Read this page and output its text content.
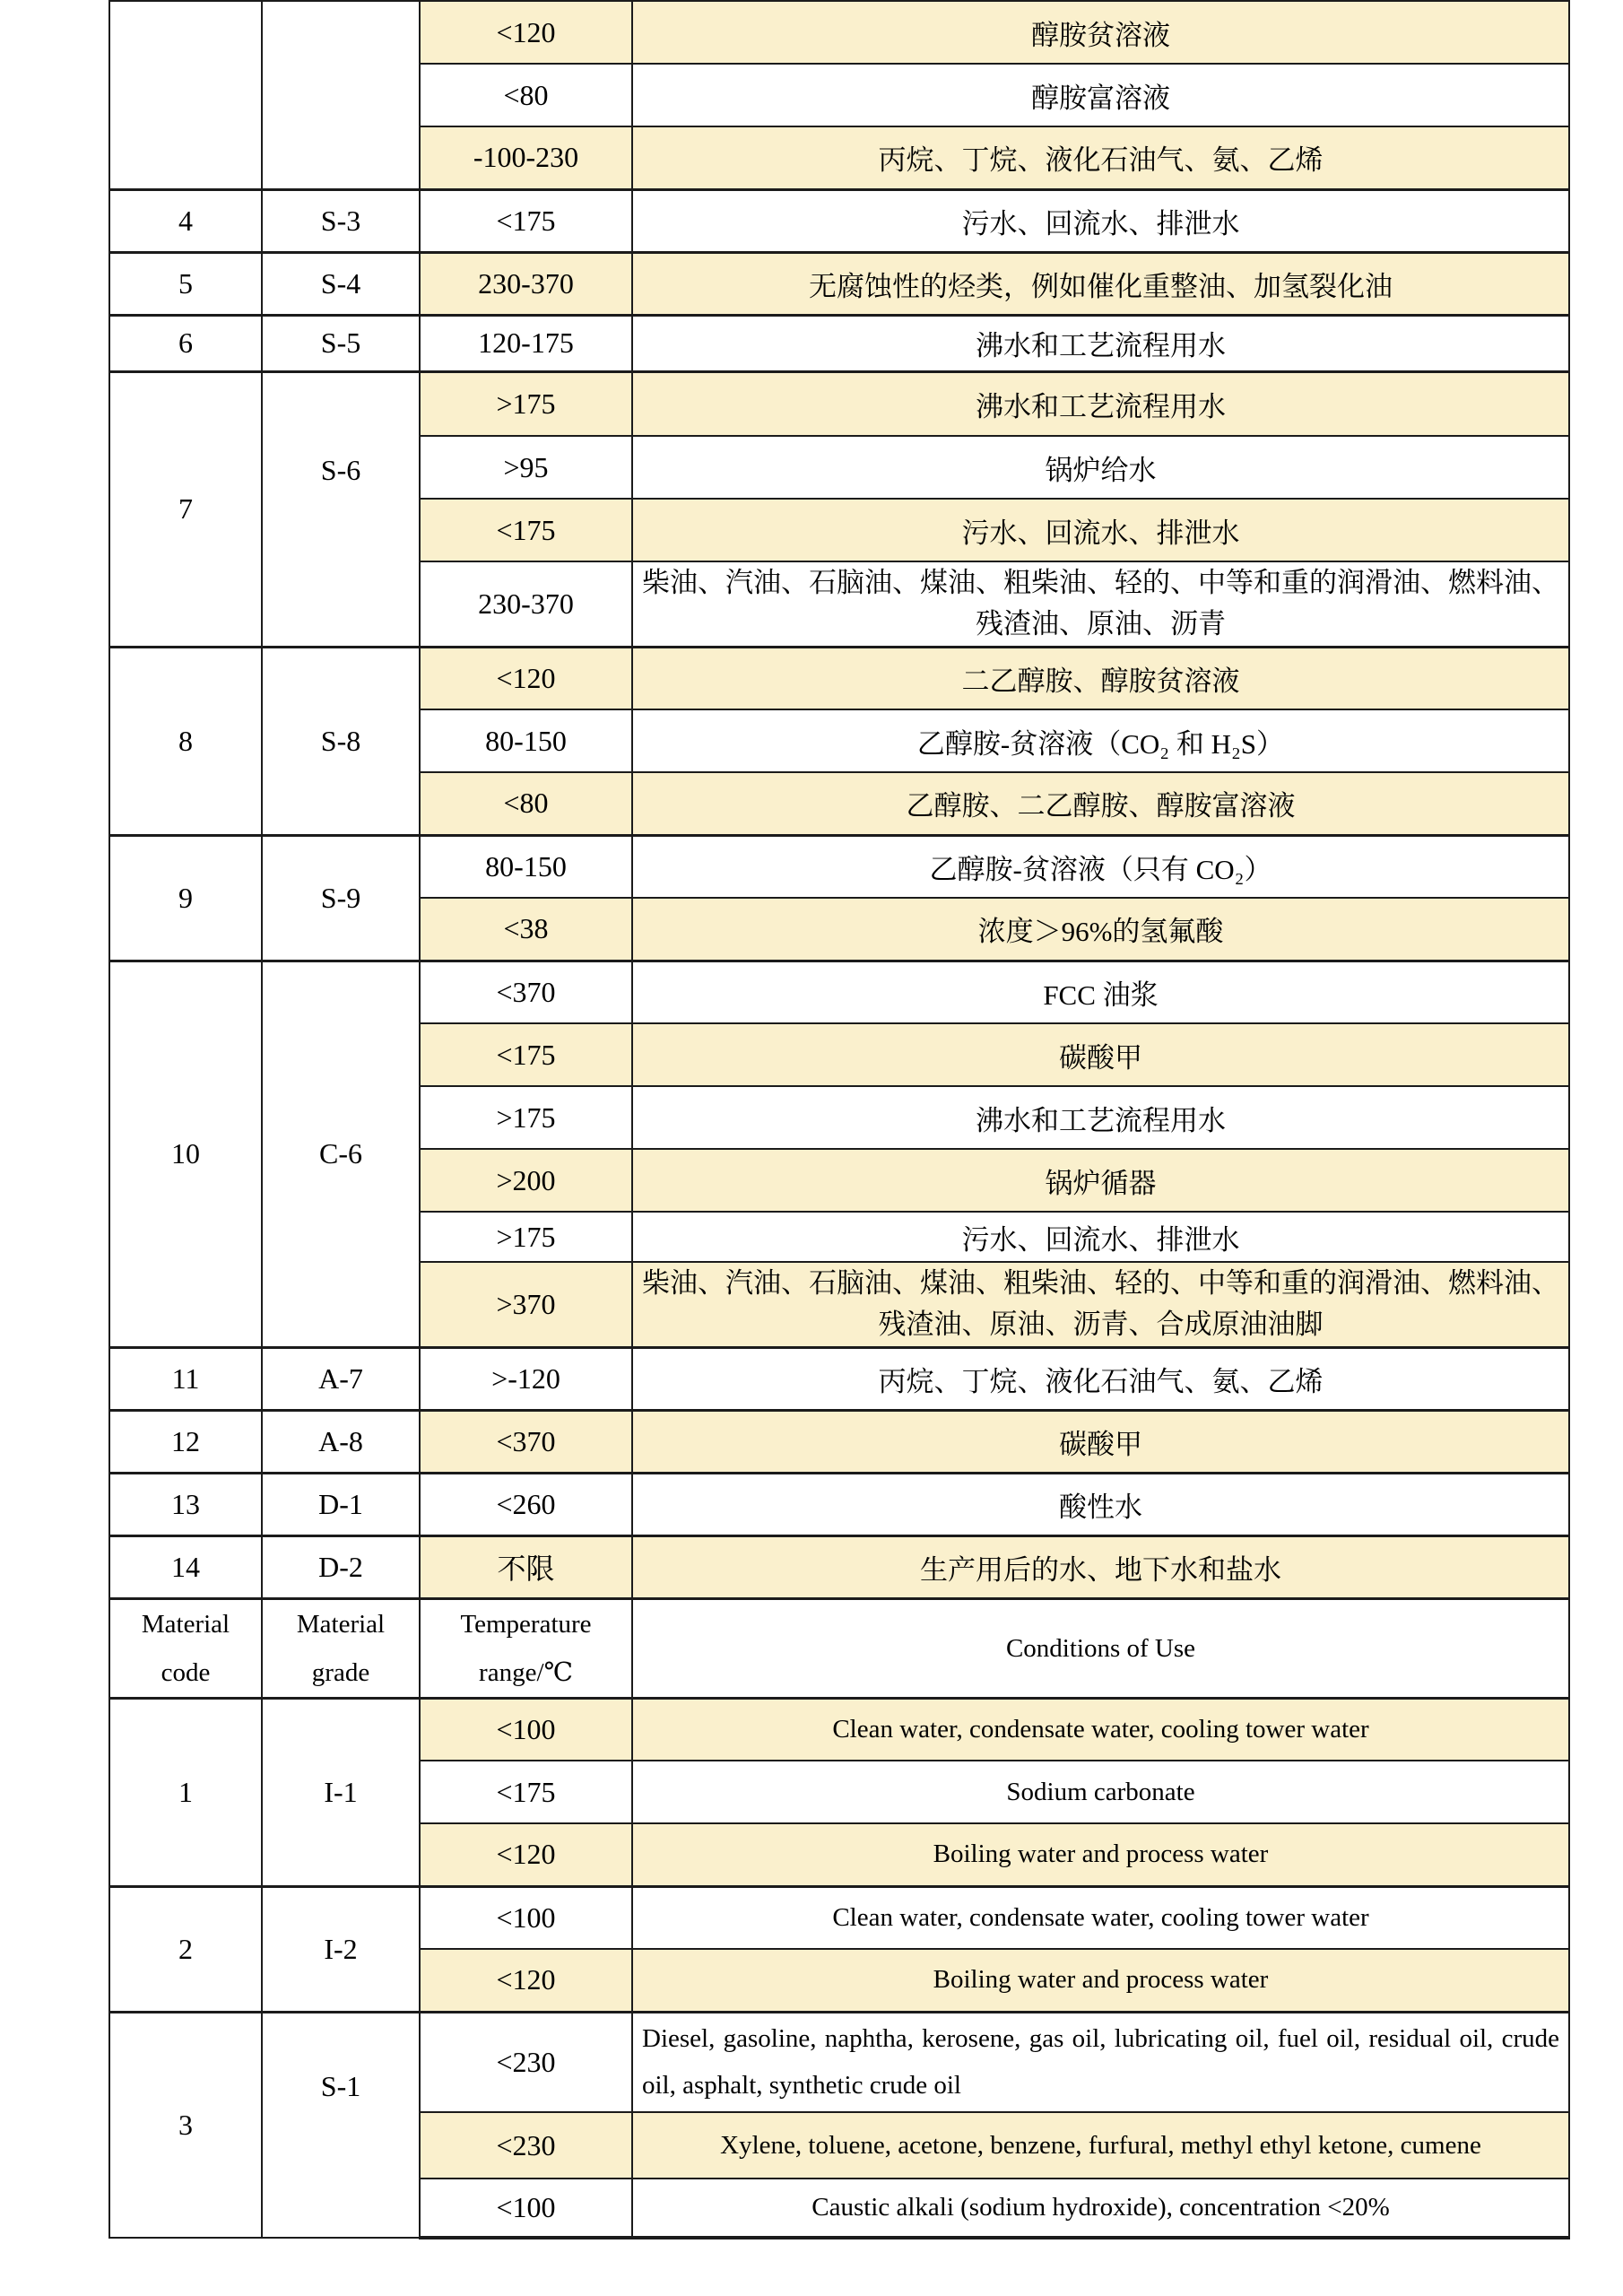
		<120	醇胺贫溶液
		<80	醇胺富溶液
		-100-230	丙烷、丁烷、液化石油气、氨、乙烯
4	S-3	<175	污水、回流水、排泄水
5	S-4	230-370	无腐蚀性的烃类，例如催化重整油、加氢裂化油
6	S-5	120-175	沸水和工艺流程用水
7	S-6	>175	沸水和工艺流程用水
		>95	锅炉给水
		<175	污水、回流水、排泄水
		230-370	柴油、汽油、石脑油、煤油、粗柴油、轻的、中等和重的润滑油、燃料油、残渣油、原油、沥青
8	S-8	<120	二乙醇胺、醇胺贫溶液
		80-150	乙醇胺-贫溶液（CO₂ 和 H₂S）
		<80	乙醇胺、二乙醇胺、醇胺富溶液
9	S-9	80-150	乙醇胺-贫溶液（只有 CO₂）
		<38	浓度＞96%的氢氟酸
10	C-6	<370	FCC 油浆
		<175	碳酸甲
		>175	沸水和工艺流程用水
		>200	锅炉循器
		>175	污水、回流水、排泄水
		>370	柴油、汽油、石脑油、煤油、粗柴油、轻的、中等和重的润滑油、燃料油、残渣油、原油、沥青、合成原油油脚
11	A-7	>-120	丙烷、丁烷、液化石油气、氨、乙烯
12	A-8	<370	碳酸甲
13	D-1	<260	酸性水
14	D-2	不限	生产用后的水、地下水和盐水
Material code	Material grade	Temperature range/℃	Conditions of Use
1	I-1	<100	Clean water, condensate water, cooling tower water
		<175	Sodium carbonate
		<120	Boiling water and process water
2	I-2	<100	Clean water, condensate water, cooling tower water
		<120	Boiling water and process water
3	S-1	<230	Diesel, gasoline, naphtha, kerosene, gas oil, lubricating oil, fuel oil, residual oil, crude oil, asphalt, synthetic crude oil
		<230	Xylene, toluene, acetone, benzene, furfural, methyl ethyl ketone, cumene
		<100	Caustic alkali (sodium hydroxide), concentration <20%
